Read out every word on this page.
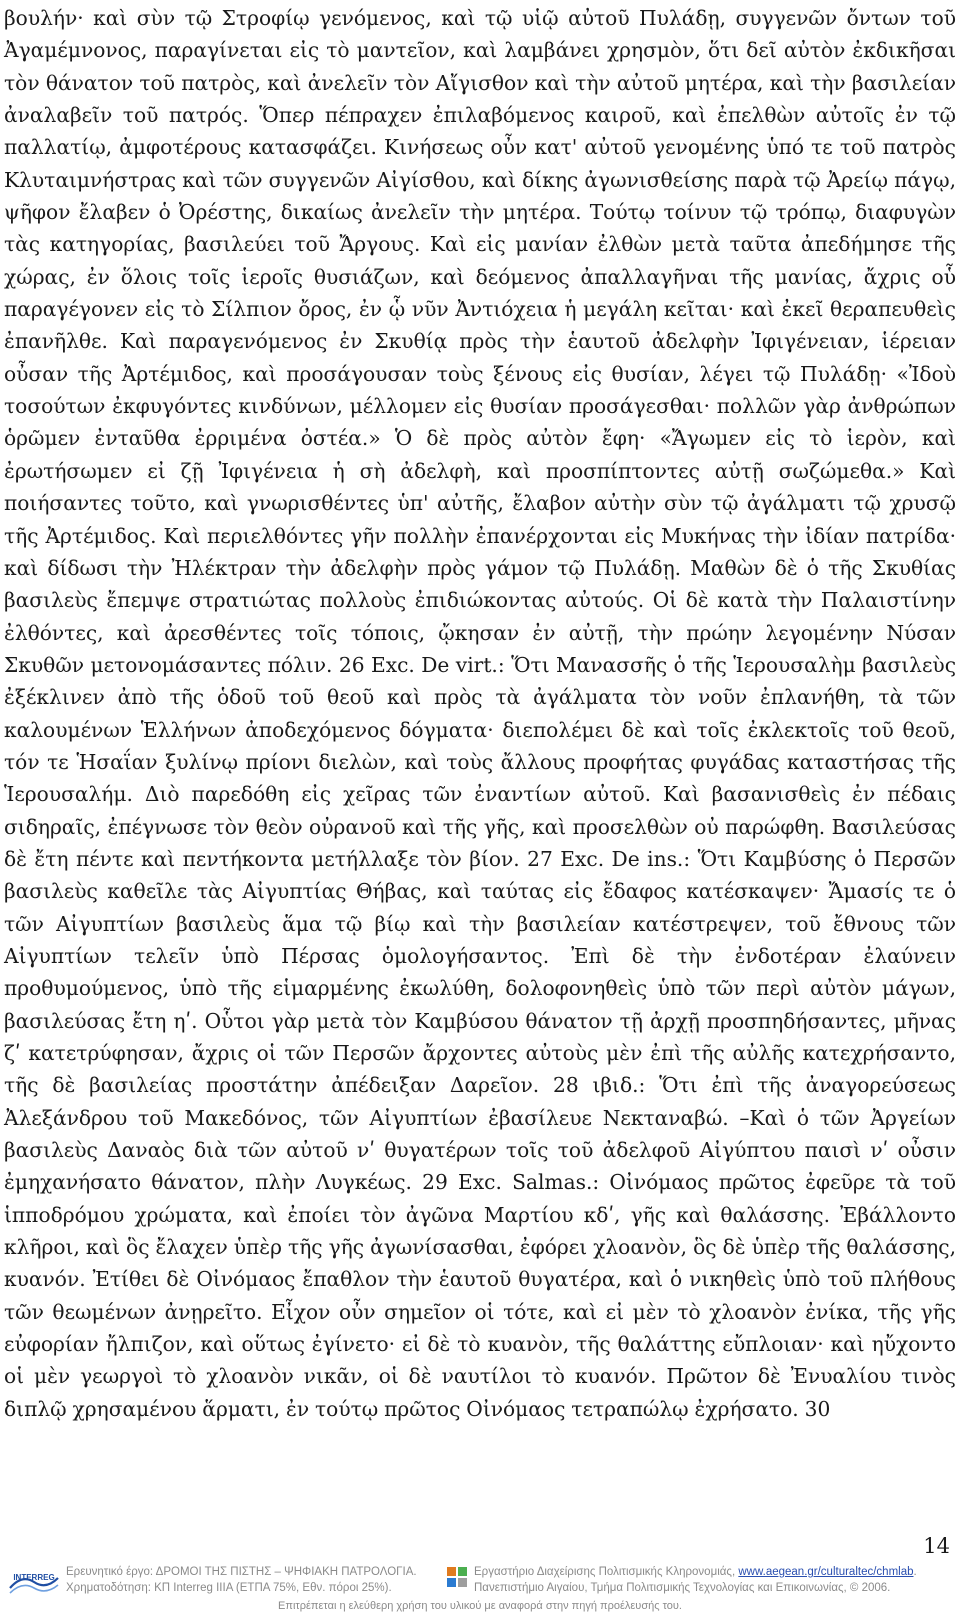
βουλήν· καὶ σὺν τῷ Στροφίῳ γενόμενος, καὶ τῷ υἱῷ αὐτοῦ Πυλάδῃ, συγγενῶν ὄντων τοῦ Ἀγαμέμνονος, παραγίνεται εἰς τὸ μαντεῖον, καὶ λαμβάνει χρησμὸν, ὅτι δεῖ αὐτὸν ἐκδικῆσαι τὸν θάνατον τοῦ πατρὸς, καὶ ἀνελεῖν τὸν Αἴγισθον καὶ τὴν αὐτοῦ μητέρα, καὶ τὴν βασιλείαν ἀναλαβεῖν τοῦ πατρός. Ὅπερ πέπραχεν ἐπιλαβόμενος καιροῦ, καὶ ἐπελθὼν αὐτοῖς ἐν τῷ παλλατίῳ, ἀμφοτέρους κατασφάζει. Κινήσεως οὖν κατ' αὐτοῦ γενομένης ὑπό τε τοῦ πατρὸς Κλυταιμνήστρας καὶ τῶν συγγενῶν Αἰγίσθου, καὶ δίκης ἀγωνισθείσης παρὰ τῷ Ἀρείῳ πάγῳ, ψῆφον ἔλαβεν ὁ Ὀρέστης, δικαίως ἀνελεῖν τὴν μητέρα. Τούτῳ τοίνυν τῷ τρόπῳ, διαφυγὼν τὰς κατηγορίας, βασιλεύει τοῦ Ἄργους. Καὶ εἰς μανίαν ἐλθὼν μετὰ ταῦτα ἀπεδήμησε τῆς χώρας, ἐν ὅλοις τοῖς ἱεροῖς θυσιάζων, καὶ δεόμενος ἀπαλλαγῆναι τῆς μανίας, ἄχρις οὗ παραγέγονεν εἰς τὸ Σίλπιον ὄρος, ἐν ᾧ νῦν Ἀντιόχεια ἡ μεγάλη κεῖται· καὶ ἐκεῖ θεραπευθεὶς ἐπανῆλθε. Καὶ παραγενόμενος ἐν Σκυθίᾳ πρὸς τὴν ἑαυτοῦ ἀδελφὴν Ἰφιγένειαν, ἱέρειαν οὖσαν τῆς Ἀρτέμιδος, καὶ προσάγουσαν τοὺς ξένους εἰς θυσίαν, λέγει τῷ Πυλάδῃ· «Ἰδοὺ τοσούτων ἐκφυγόντες κινδύνων, μέλλομεν εἰς θυσίαν προσάγεσθαι· πολλῶν γὰρ ἀνθρώπων ὁρῶμεν ἐνταῦθα ἐρριμένα ὀστέα.» Ὁ δὲ πρὸς αὐτὸν ἔφη· «Ἄγωμεν εἰς τὸ ἱερὸν, καὶ ἐρωτήσωμεν εἰ ζῇ Ἰφιγένεια ἡ σὴ ἀδελφὴ, καὶ προσπίπτοντες αὐτῇ σωζώμεθα.» Καὶ ποιήσαντες τοῦτο, καὶ γνωρισθέντες ὑπ' αὐτῆς, ἔλαβον αὐτὴν σὺν τῷ ἀγάλματι τῷ χρυσῷ τῆς Ἀρτέμιδος. Καὶ περιελθόντες γῆν πολλὴν ἐπανέρχονται εἰς Μυκήνας τὴν ἰδίαν πατρίδα· καὶ δίδωσι τὴν Ἠλέκτραν τὴν ἀδελφὴν πρὸς γάμον τῷ Πυλάδῃ. Μαθὼν δὲ ὁ τῆς Σκυθίας βασιλεὺς ἔπεμψε στρατιώτας πολλοὺς ἐπιδιώκοντας αὐτούς. Οἱ δὲ κατὰ τὴν Παλαιστίνην ἐλθόντες, καὶ ἀρεσθέντες τοῖς τόποις, ᾤκησαν ἐν αὐτῇ, τὴν πρώην λεγομένην Νύσαν Σκυθῶν μετονομάσαντες πόλιν. 26 Exc. De virt.: Ὅτι Μανασσῆς ὁ τῆς Ἱερουσαλὴμ βασιλεὺς ἐξέκλινεν ἀπὸ τῆς ὁδοῦ τοῦ θεοῦ καὶ πρὸς τὰ ἀγάλματα τὸν νοῦν ἐπλανήθη, τὰ τῶν καλουμένων Ἑλλήνων ἀποδεχόμενος δόγματα· διεπολέμει δὲ καὶ τοῖς ἐκλεκτοῖς τοῦ θεοῦ, τόν τε Ἡσαΐαν ξυλίνῳ πρίονι διελὼν, καὶ τοὺς ἄλλους προφήτας φυγάδας καταστήσας τῆς Ἱερουσαλήμ. Διὸ παρεδόθη εἰς χεῖρας τῶν ἐναντίων αὐτοῦ. Καὶ βασανισθεὶς ἐν πέδαις σιδηραῖς, ἐπέγνωσε τὸν θεὸν οὐρανοῦ καὶ τῆς γῆς, καὶ προσελθὼν οὐ παρώφθη. Βασιλεύσας δὲ ἔτη πέντε καὶ πεντήκοντα μετήλλαξε τὸν βίον. 27 Exc. De ins.: Ὅτι Καμβύσης ὁ Περσῶν βασιλεὺς καθεῖλε τὰς Αἰγυπτίας Θήβας, καὶ ταύτας εἰς ἔδαφος κατέσκαψεν· Ἄμασίς τε ὁ τῶν Αἰγυπτίων βασιλεὺς ἅμα τῷ βίῳ καὶ τὴν βασιλείαν κατέστρεψεν, τοῦ ἔθνους τῶν Αἰγυπτίων τελεῖν ὑπὸ Πέρσας ὁμολογήσαντος. Ἐπὶ δὲ τὴν ἐνδοτέραν ἐλαύνειν προθυμούμενος, ὑπὸ τῆς εἱμαρμένης ἐκωλύθη, δολοφονηθεὶς ὑπὸ τῶν περὶ αὐτὸν μάγων, βασιλεύσας ἔτη ηʹ. Οὗτοι γὰρ μετὰ τὸν Καμβύσου θάνατον τῇ ἀρχῇ προσπηδήσαντες, μῆνας ζʹ κατετρύφησαν, ἄχρις οἱ τῶν Περσῶν ἄρχοντες αὐτοὺς μὲν ἐπὶ τῆς αὐλῆς κατεχρήσαντο, τῆς δὲ βασιλείας προστάτην ἀπέδειξαν Δαρεῖον. 28 ιβιδ.: Ὅτι ἐπὶ τῆς ἀναγορεύσεως Ἀλεξάνδρου τοῦ Μακεδόνος, τῶν Αἰγυπτίων ἐβασίλευε Νεκταναβώ. –Καὶ ὁ τῶν Ἀργείων βασιλεὺς Δαναὸς διὰ τῶν αὐτοῦ νʹ θυγατέρων τοῖς τοῦ ἀδελφοῦ Αἰγύπτου παισὶ νʹ οὖσιν ἐμηχανήσατο θάνατον, πλὴν Λυγκέως. 29 Exc. Salmas.: Οἰνόμαος πρῶτος ἐφεῦρε τὰ τοῦ ἱπποδρόμου χρώματα, καὶ ἐποίει τὸν ἀγῶνα Μαρτίου κδʹ, γῆς καὶ θαλάσσης. Ἐβάλλοντο κλῆροι, καὶ ὃς ἔλαχεν ὑπὲρ τῆς γῆς ἀγωνίσασθαι, ἐφόρει χλοανὸν, ὃς δὲ ὑπὲρ τῆς θαλάσσης, κυανόν. Ἐτίθει δὲ Οἰνόμαος ἔπαθλον τὴν ἑαυτοῦ θυγατέρα, καὶ ὁ νικηθεὶς ὑπὸ τοῦ πλήθους τῶν θεωμένων ἀνῃρεῖτο. Εἶχον οὖν σημεῖον οἱ τότε, καὶ εἰ μὲν τὸ χλοανὸν ἐνίκα, τῆς γῆς εὐφορίαν ἤλπιζον, καὶ οὕτως ἐγίνετο· εἰ δὲ τὸ κυανὸν, τῆς θαλάττης εὔπλοιαν· καὶ ηὔχοντο οἱ μὲν γεωργοὶ τὸ χλοανὸν νικᾶν, οἱ δὲ ναυτίλοι τὸ κυανόν. Πρῶτον δὲ Ἐνυαλίου τινὸς διπλῷ χρησαμένου ἅρματι, ἐν τούτῳ πρῶτος Οἰνόμαος τετραπώλῳ ἐχρήσατο. 30

14
INTERREG Ερευνητικό έργο: ΔΡΟΜΟΙ ΤΗΣ ΠΙΣΤΗΣ – ΨΗΦΙΑΚΗ ΠΑΤΡΟΛΟΓΙΑ.
Χρηματοδότηση: ΚΠ Interreg IIIA (ΕΤΠΑ 75%, Εθν. πόροι 25%).
Εργαστήριο Διαχείρισης Πολιτισμικής Κληρονομιάς, www.aegean.gr/culturaltec/chmlab.
Πανεπιστήμιο Αιγαίου, Τμήμα Πολιτισμικής Τεχνολογίας και Επικοινωνίας, © 2006.
Επιτρέπεται η ελεύθερη χρήση του υλικού με αναφορά στην πηγή προέλευσής του.
